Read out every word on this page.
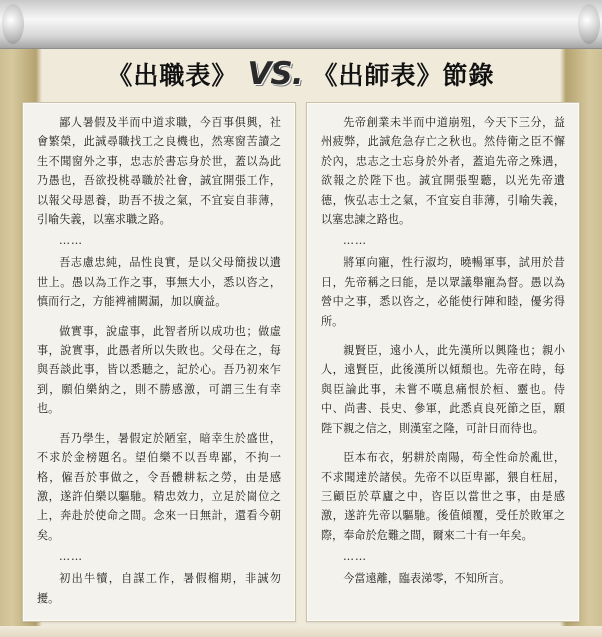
《出職表》 VS. 《出師表》節錄

鄙人暑假及半而中道求職，今百事俱興，社會繁榮，此誠尋職找工之良機也，然寒窗苦讀之生不聞窗外之事，忠志於書忘身於世，蓋以為此乃愚也，吾欲投桃尋職於社會，誠宜開張工作，以報父母恩養，助吾不拔之氣，不宜妄自菲薄，引喻失義，以塞求職之路。

……

吾志慮忠純，品性良實，是以父母簡拔以遺世上。愚以為工作之事，事無大小，悉以咨之，慎而行之，方能裨補闕漏，加以廣益。

做實事，說虛事，此智者所以成功也；做虛事，說實事，此愚者所以失敗也。父母在之，每與吾談此事，皆以悉聽之，記於心。吾乃初來乍到，願伯樂納之，則不勝感激，可謂三生有幸也。

吾乃學生，暑假定於陋室，暗幸生於盛世，不求於金榜題名。望伯樂不以吾卑鄙，不拘一格，僱吾於事做之，令吾體耕耘之勞，由是感激，遂許伯樂以驅馳。精忠效力，立足於崗位之上，奔赴於使命之間。念來一日無計，還看今朝矣。

……

初出牛犢，自謀工作，暑假榴期，非誠勿擾。

先帝創業未半而中道崩殂，今天下三分，益州疲弊，此誠危急存亡之秋也。然侍衛之臣不懈於內，忠志之士忘身於外者，蓋追先帝之殊遇，欲報之於陛下也。誠宜開張聖聽，以光先帝遺德，恢弘志士之氣，不宜妄自菲薄，引喻失義，以塞忠諫之路也。

……

將軍向寵，性行淑均，曉暢軍事，試用於昔日，先帝稱之曰能，是以眾議舉寵為督。愚以為營中之事，悉以咨之，必能使行陣和睦，優劣得所。

親賢臣，遠小人，此先漢所以興隆也；親小人，遠賢臣，此後漢所以傾頹也。先帝在時，每與臣論此事，未嘗不嘆息痛恨於桓、靈也。侍中、尚書、長史、參軍，此悉貞良死節之臣，願陛下親之信之，則漢室之隆，可計日而待也。

臣本布衣，躬耕於南陽，苟全性命於亂世，不求聞達於諸侯。先帝不以臣卑鄙，猥自枉屈，三顧臣於草廬之中，咨臣以當世之事，由是感激，遂許先帝以驅馳。後值傾覆，受任於敗軍之際，奉命於危難之間，爾來二十有一年矣。

……

今當遠離，臨表涕零，不知所言。
